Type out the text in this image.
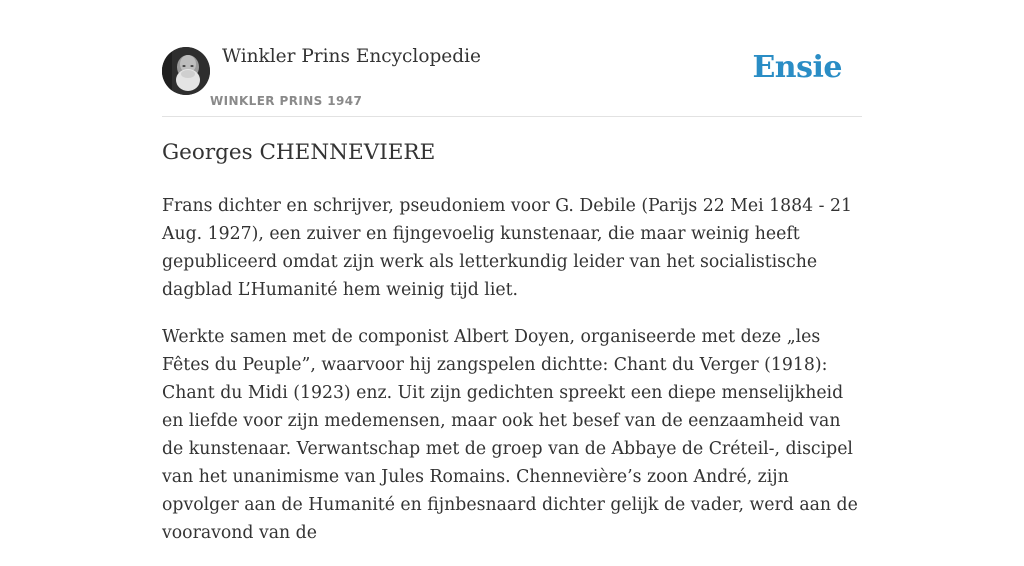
Winkler Prins Encyclopedie
WINKLER PRINS 1947
Ensie
Georges CHENNEVIERE

Frans dichter en schrijver, pseudoniem voor G. Debile (Parijs 22 Mei 1884 - 21 Aug. 1927), een zuiver en fijngevoelig kunstenaar, die maar weinig heeft gepubliceerd omdat zijn werk als letterkundig leider van het socialistische dagblad L’Humanité hem weinig tijd liet.

Werkte samen met de componist Albert Doyen, organiseerde met deze „les Fêtes du Peuple”, waarvoor hij zangspelen dichtte: Chant du Verger (1918): Chant du Midi (1923) enz. Uit zijn gedichten spreekt een diepe menselijkheid en liefde voor zijn medemensen, maar ook het besef van de eenzaamheid van de kunstenaar. Verwantschap met de groep van de Abbaye de Créteil-, discipel van het unanimisme van Jules Romains. Chennevière’s zoon André, zijn opvolger aan de Humanité en fijnbesnaard dichter gelijk de vader, werd aan de vooravond van de
